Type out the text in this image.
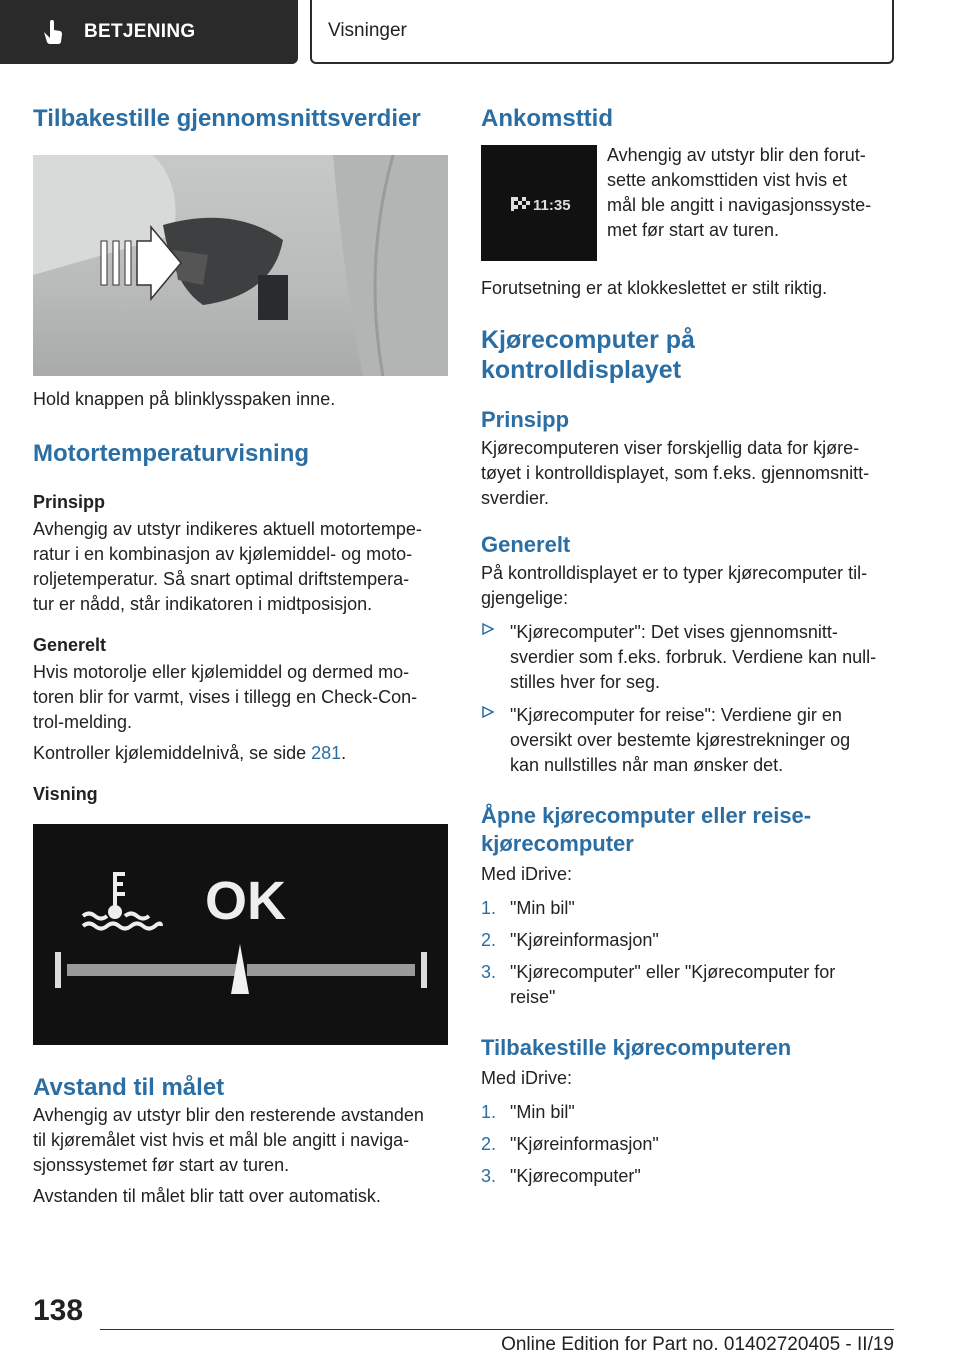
BETJENING	Visninger
Tilbakestille gjennomsnittsverdier

Hold knappen på blinklysspaken inne.

Motortemperaturvisning
Prinsipp

Avhengig av utstyr indikeres aktuell motortempe-
ratur i en kombinasjon av kjølemiddel- og moto-
roljetemperatur. Så snart optimal driftstempera-
tur er nådd, står indikatoren i midtposisjon.

Generelt

Hvis motorolje eller kjølemiddel og dermed mo-
toren blir for varmt, vises i tillegg en Check-Con-
trol-melding.

Kontroller kjølemiddelnivå, se side 281.

Visning
OK
Avstand til målet

Avhengig av utstyr blir den resterende avstanden
til kjøremålet vist hvis et mål ble angitt i naviga-
sjonssystemet før start av turen.

Avstanden til målet blir tatt over automatisk.

Ankomsttid
11:35

Avhengig av utstyr blir den forut-
sette ankomsttiden vist hvis et
mål ble angitt i navigasjonssyste-
met før start av turen.

Forutsetning er at klokkeslettet er stilt riktig.

Kjørecomputer på
kontrolldisplayet
Prinsipp

Kjørecomputeren viser forskjellig data for kjøre-
tøyet i kontrolldisplayet, som f.eks. gjennomsnitt-
sverdier.

Generelt

På kontrolldisplayet er to typer kjørecomputer til-
gjengelige:

"Kjørecomputer": Det vises gjennomsnitt-
sverdier som f.eks. forbruk. Verdiene kan null-
stilles hver for seg.
"Kjørecomputer for reise": Verdiene gir en
oversikt over bestemte kjørestrekninger og
kan nullstilles når man ønsker det.
Åpne kjørecomputer eller reise-
kjørecomputer

Med iDrive:

1. "Min bil"
2. "Kjøreinformasjon"
3. "Kjørecomputer" eller "Kjørecomputer for
reise"
Tilbakestille kjørecomputeren

Med iDrive:

1. "Min bil"
2. "Kjøreinformasjon"
3. "Kjørecomputer"
138
Online Edition for Part no. 01402720405 - II/19
